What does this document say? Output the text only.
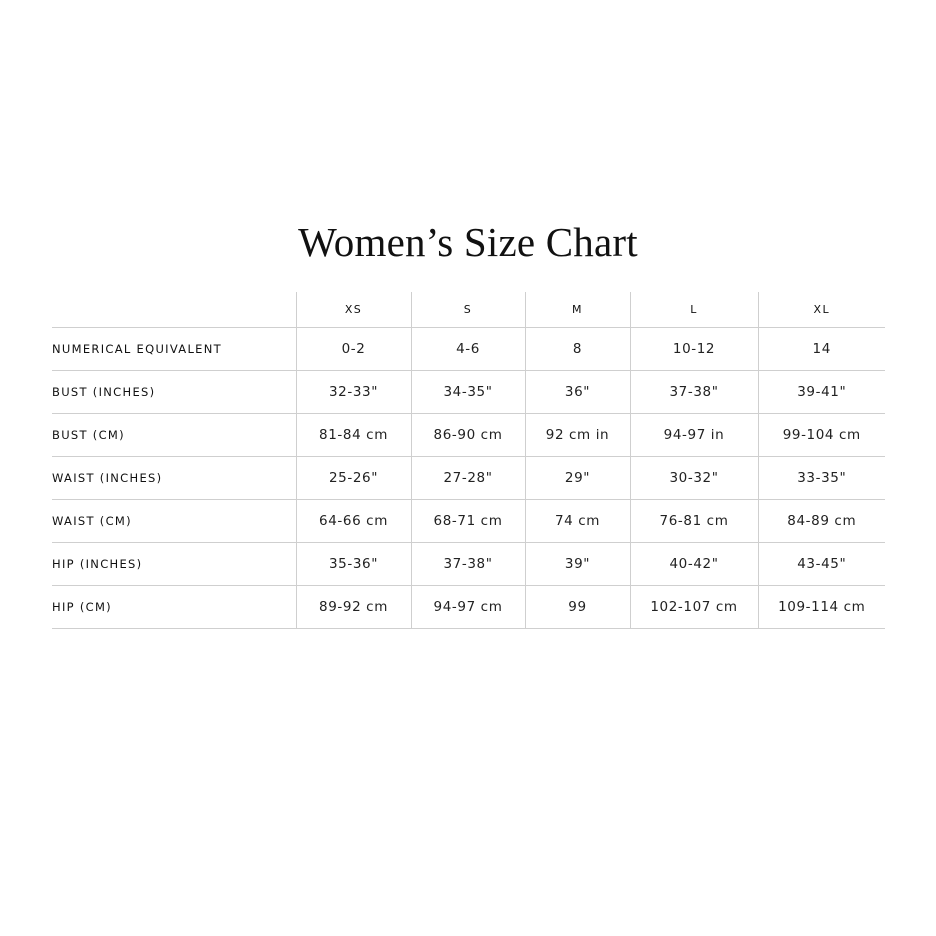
Women’s Size Chart
	XS	S	M	L	XL
NUMERICAL EQUIVALENT	0-2	4-6	8	10-12	14
BUST (INCHES)	32-33"	34-35"	36"	37-38"	39-41"
BUST (CM)	81-84 cm	86-90 cm	92 cm in	94-97 in	99-104 cm
WAIST (INCHES)	25-26"	27-28"	29"	30-32"	33-35"
WAIST (CM)	64-66 cm	68-71 cm	74 cm	76-81 cm	84-89 cm
HIP (INCHES)	35-36"	37-38"	39"	40-42"	43-45"
HIP (CM)	89-92 cm	94-97 cm	99	102-107 cm	109-114 cm
